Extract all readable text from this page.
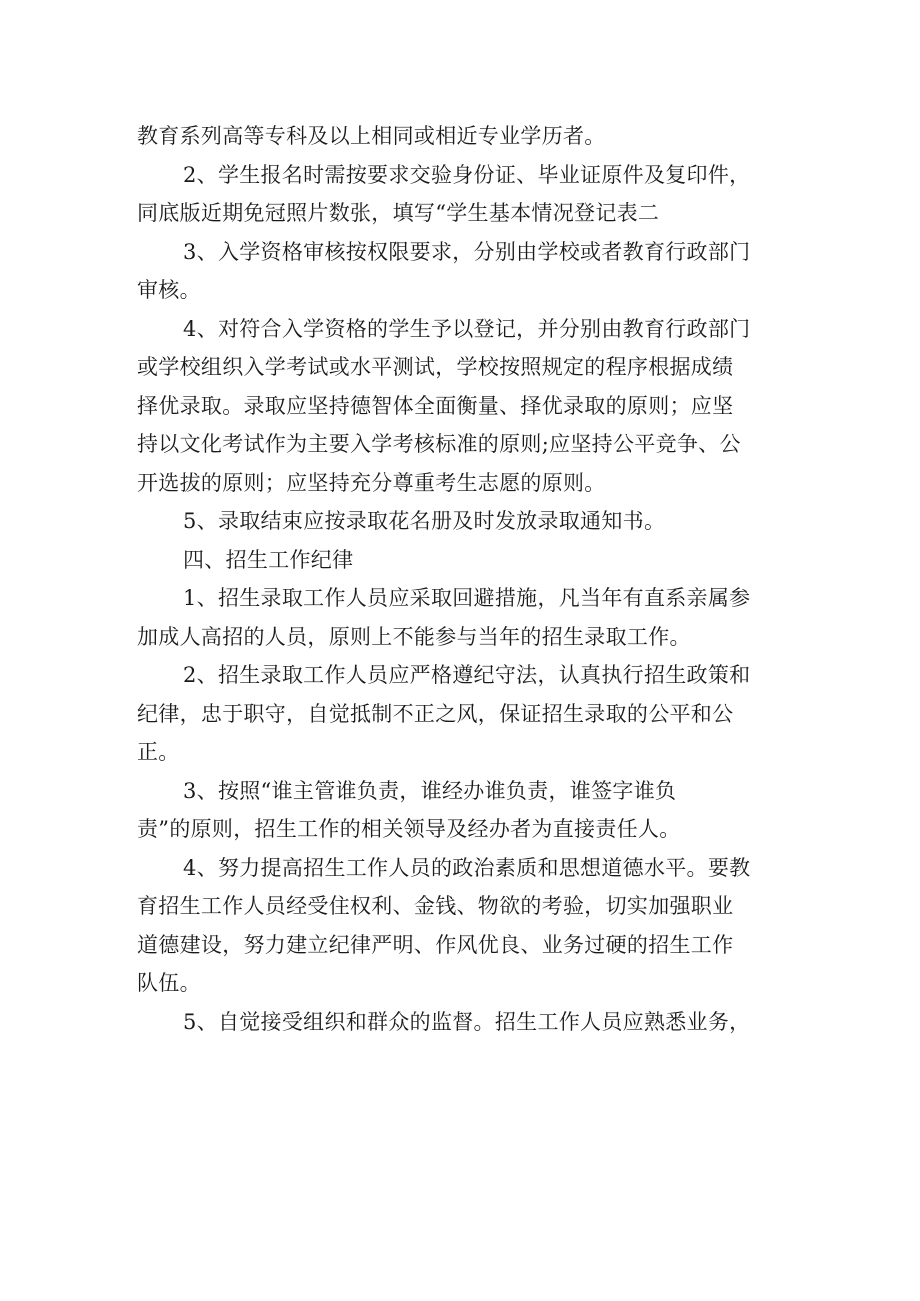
教育系列高等专科及以上相同或相近专业学历者。
2、学生报名时需按要求交验身份证、毕业证原件及复印件，
同底版近期免冠照片数张，填写“学生基本情况登记表二
3、入学资格审核按权限要求，分别由学校或者教育行政部门
审核。
4、对符合入学资格的学生予以登记，并分别由教育行政部门
或学校组织入学考试或水平测试，学校按照规定的程序根据成绩
择优录取。录取应坚持德智体全面衡量、择优录取的原则；应坚
持以文化考试作为主要入学考核标准的原则;应坚持公平竞争、公
开选拔的原则；应坚持充分尊重考生志愿的原则。
5、录取结束应按录取花名册及时发放录取通知书。
四、招生工作纪律
1、招生录取工作人员应采取回避措施，凡当年有直系亲属参
加成人高招的人员，原则上不能参与当年的招生录取工作。
2、招生录取工作人员应严格遵纪守法，认真执行招生政策和
纪律，忠于职守，自觉抵制不正之风，保证招生录取的公平和公
正。
3、按照“谁主管谁负责，谁经办谁负责，谁签字谁负
责”的原则，招生工作的相关领导及经办者为直接责任人。
4、努力提高招生工作人员的政治素质和思想道德水平。要教
育招生工作人员经受住权利、金钱、物欲的考验，切实加强职业
道德建设，努力建立纪律严明、作风优良、业务过硬的招生工作
队伍。
5、自觉接受组织和群众的监督。招生工作人员应熟悉业务，
